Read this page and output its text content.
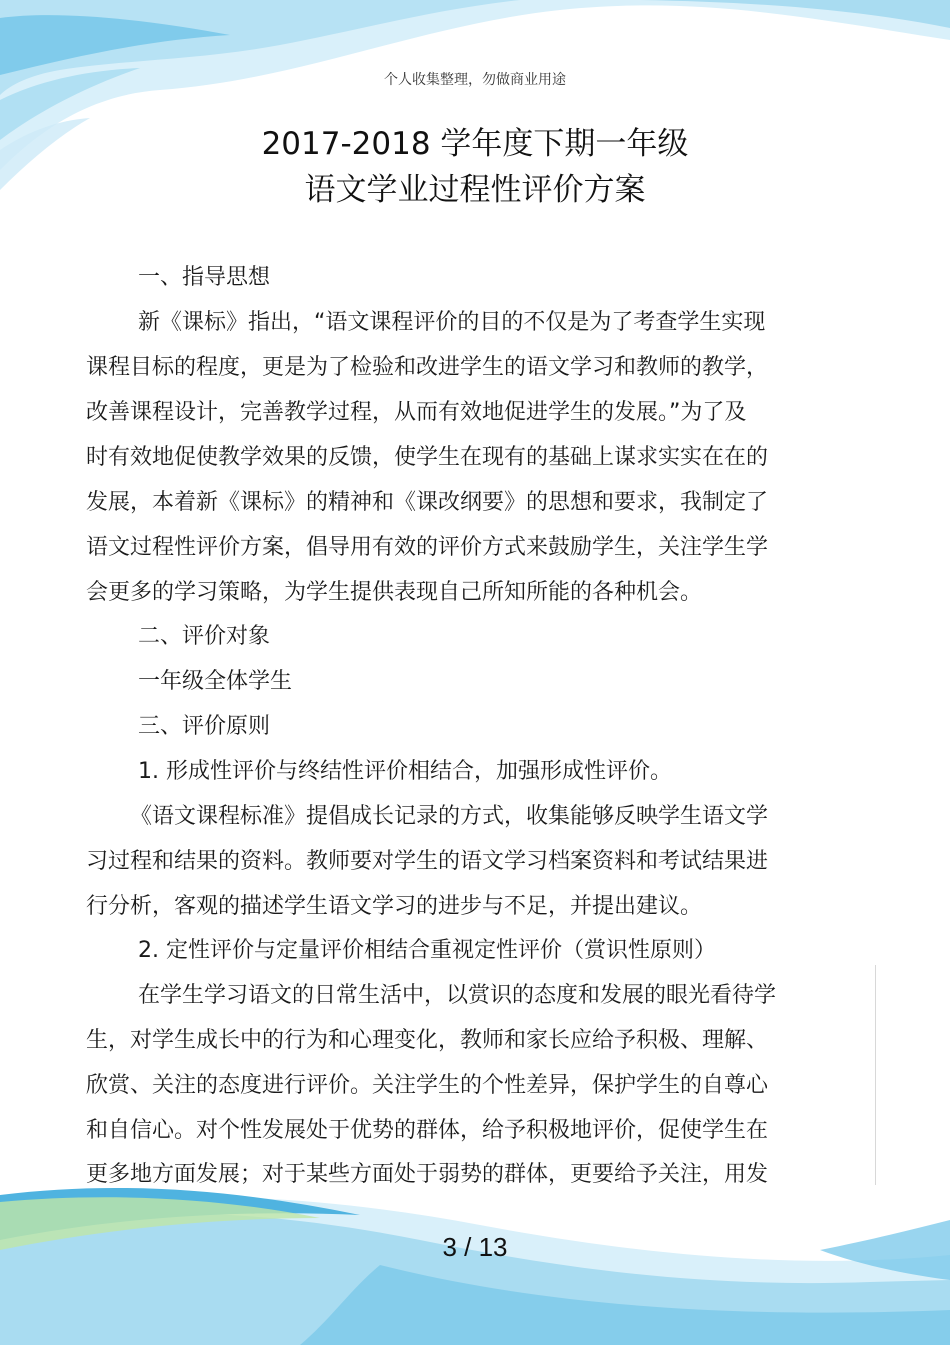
个人收集整理，勿做商业用途
2017-2018 学年度下期一年级
语文学业过程性评价方案
一、指导思想
新《课标》指出，“语文课程评价的目的不仅是为了考查学生实现
课程目标的程度，更是为了检验和改进学生的语文学习和教师的教学，
改善课程设计，完善教学过程，从而有效地促进学生的发展。”为了及
时有效地促使教学效果的反馈，使学生在现有的基础上谋求实实在在的
发展，本着新《课标》的精神和《课改纲要》的思想和要求，我制定了
语文过程性评价方案，倡导用有效的评价方式来鼓励学生，关注学生学
会更多的学习策略，为学生提供表现自己所知所能的各种机会。
二、评价对象
一年级全体学生
三、评价原则
1. 形成性评价与终结性评价相结合，加强形成性评价。
《语文课程标准》提倡成长记录的方式，收集能够反映学生语文学
习过程和结果的资料。教师要对学生的语文学习档案资料和考试结果进
行分析，客观的描述学生语文学习的进步与不足，并提出建议。
2. 定性评价与定量评价相结合重视定性评价（赏识性原则）
在学生学习语文的日常生活中，以赏识的态度和发展的眼光看待学
生，对学生成长中的行为和心理变化，教师和家长应给予积极、理解、
欣赏、关注的态度进行评价。关注学生的个性差异，保护学生的自尊心
和自信心。对个性发展处于优势的群体，给予积极地评价，促使学生在
更多地方面发展；对于某些方面处于弱势的群体，更要给予关注，用发
3 / 13
